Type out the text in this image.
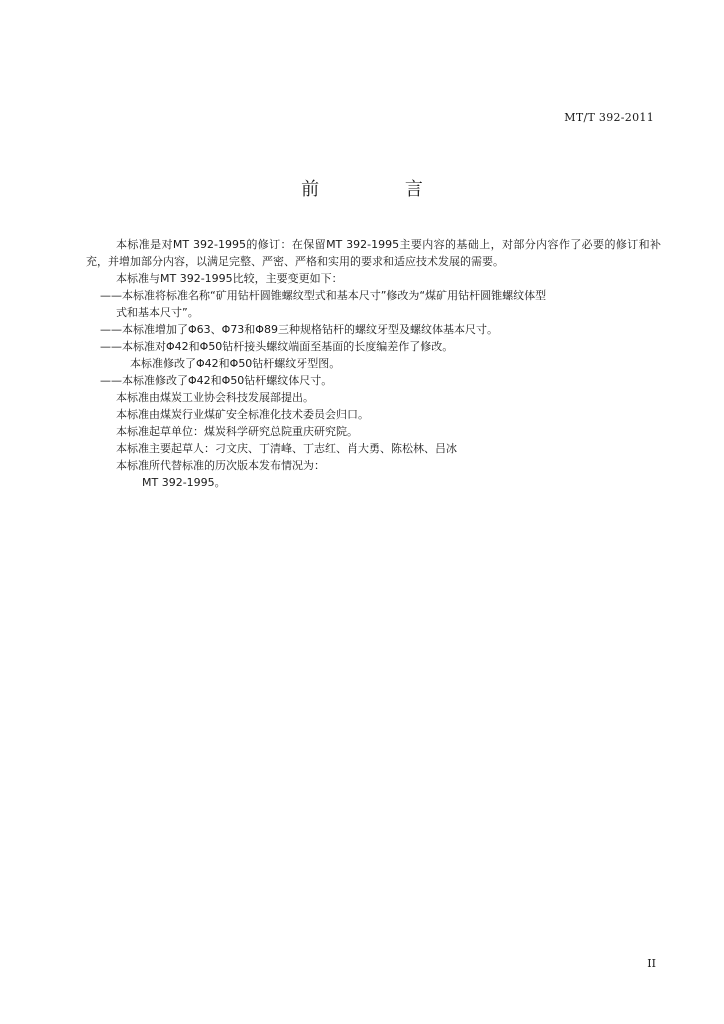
MT/T 392-2011
前 言

本标准是对MT 392-1995的修订：在保留MT 392-1995主要内容的基础上，对部分内容作了必要的修订和补充，并增加部分内容，以满足完整、严密、严格和实用的要求和适应技术发展的需要。

本标准与MT 392-1995比较，主要变更如下：

——本标准将标准名称“矿用钻杆圆锥螺纹型式和基本尺寸”修改为“煤矿用钻杆圆锥螺纹体型

式和基本尺寸”。

——本标准增加了Φ63、Φ73和Φ89三种规格钻杆的螺纹牙型及螺纹体基本尺寸。

——本标准对Φ42和Φ50钻杆接头螺纹端面至基面的长度编差作了修改。

本标准修改了Φ42和Φ50钻杆螺纹牙型图。

——本标准修改了Φ42和Φ50钻杆螺纹体尺寸。

本标准由煤炭工业协会科技发展部提出。

本标准由煤炭行业煤矿安全标准化技术委员会归口。

本标准起草单位：煤炭科学研究总院重庆研究院。

本标准主要起草人：刁文庆、丁清峰、丁志红、肖大勇、陈松林、吕冰

本标准所代替标准的历次版本发布情况为：

MT 392-1995。

II
